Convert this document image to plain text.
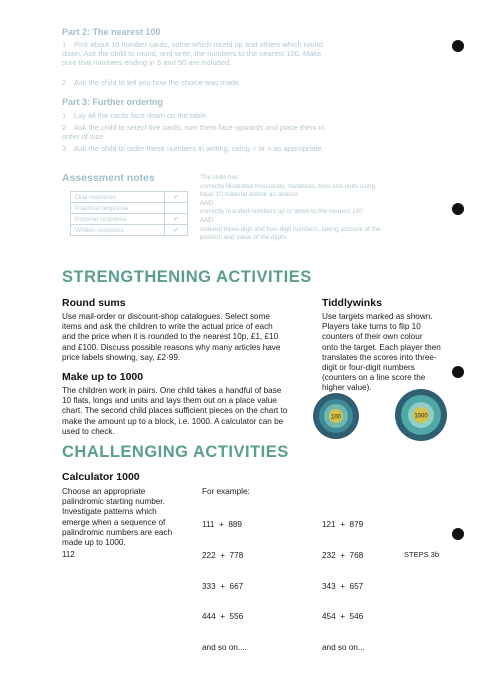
Part 2: The nearest 100
1 Pick about 10 number cards, some which round up and others which round down. Ask the child to round, and write, the numbers to the nearest 100. Make sure that numbers ending in 5 and 50 are included.
2 Ask the child to tell you how the choice was made.
Part 3: Further ordering
1 Lay all the cards face down on the table.
2 Ask the child to select five cards, turn them face upwards and place them in order of size.
3 Ask the child to order these numbers in writing, using < or > as appropriate.
Assessment notes
Oral response	✔
Practical response	
Pictorial response	✔
Written response	✔
The child has:
correctly illustrated thousands, hundreds, tens and units using
base 10 material and/or an abacus
AND
correctly rounded numbers up or down to the nearest 100
AND
ordered three-digit and four-digit numbers, taking account of the
position and value of the digits.
STRENGTHENING ACTIVITIES
Round sums
Use mail-order or discount-shop catalogues. Select some
items and ask the children to write the actual price of each
and the price when it is rounded to the nearest 10p, £1, £10
and £100. Discuss possible reasons why many articles have
price labels showing, say, £2·99.
Make up to 1000
The children work in pairs. One child takes a handful of base
10 flats, longs and units and lays them out on a place value
chart. The second child places sufficient pieces on the chart to
make the amount up to a block, i.e. 1000. A calculator can be
used to check.
Tiddlywinks
Use targets marked as shown.
Players take turns to flip 10
counters of their own colour
onto the target. Each player then
translates the scores into three-
digit or four-digit numbers
(counters on a line score the
higher value).
100	1000
CHALLENGING ACTIVITIES
Calculator 1000
Choose an appropriate
palindromic starting number.
Investigate patterns which
emerge when a sequence of
palindromic numbers are each
made up to 1000.
For example:

111  +  889

222  +  778

333  +  667

444  +  556

and so on....

121  +  879

232  +  768

343  +  657

454  +  546

and so on...

112	STEPS 3b
